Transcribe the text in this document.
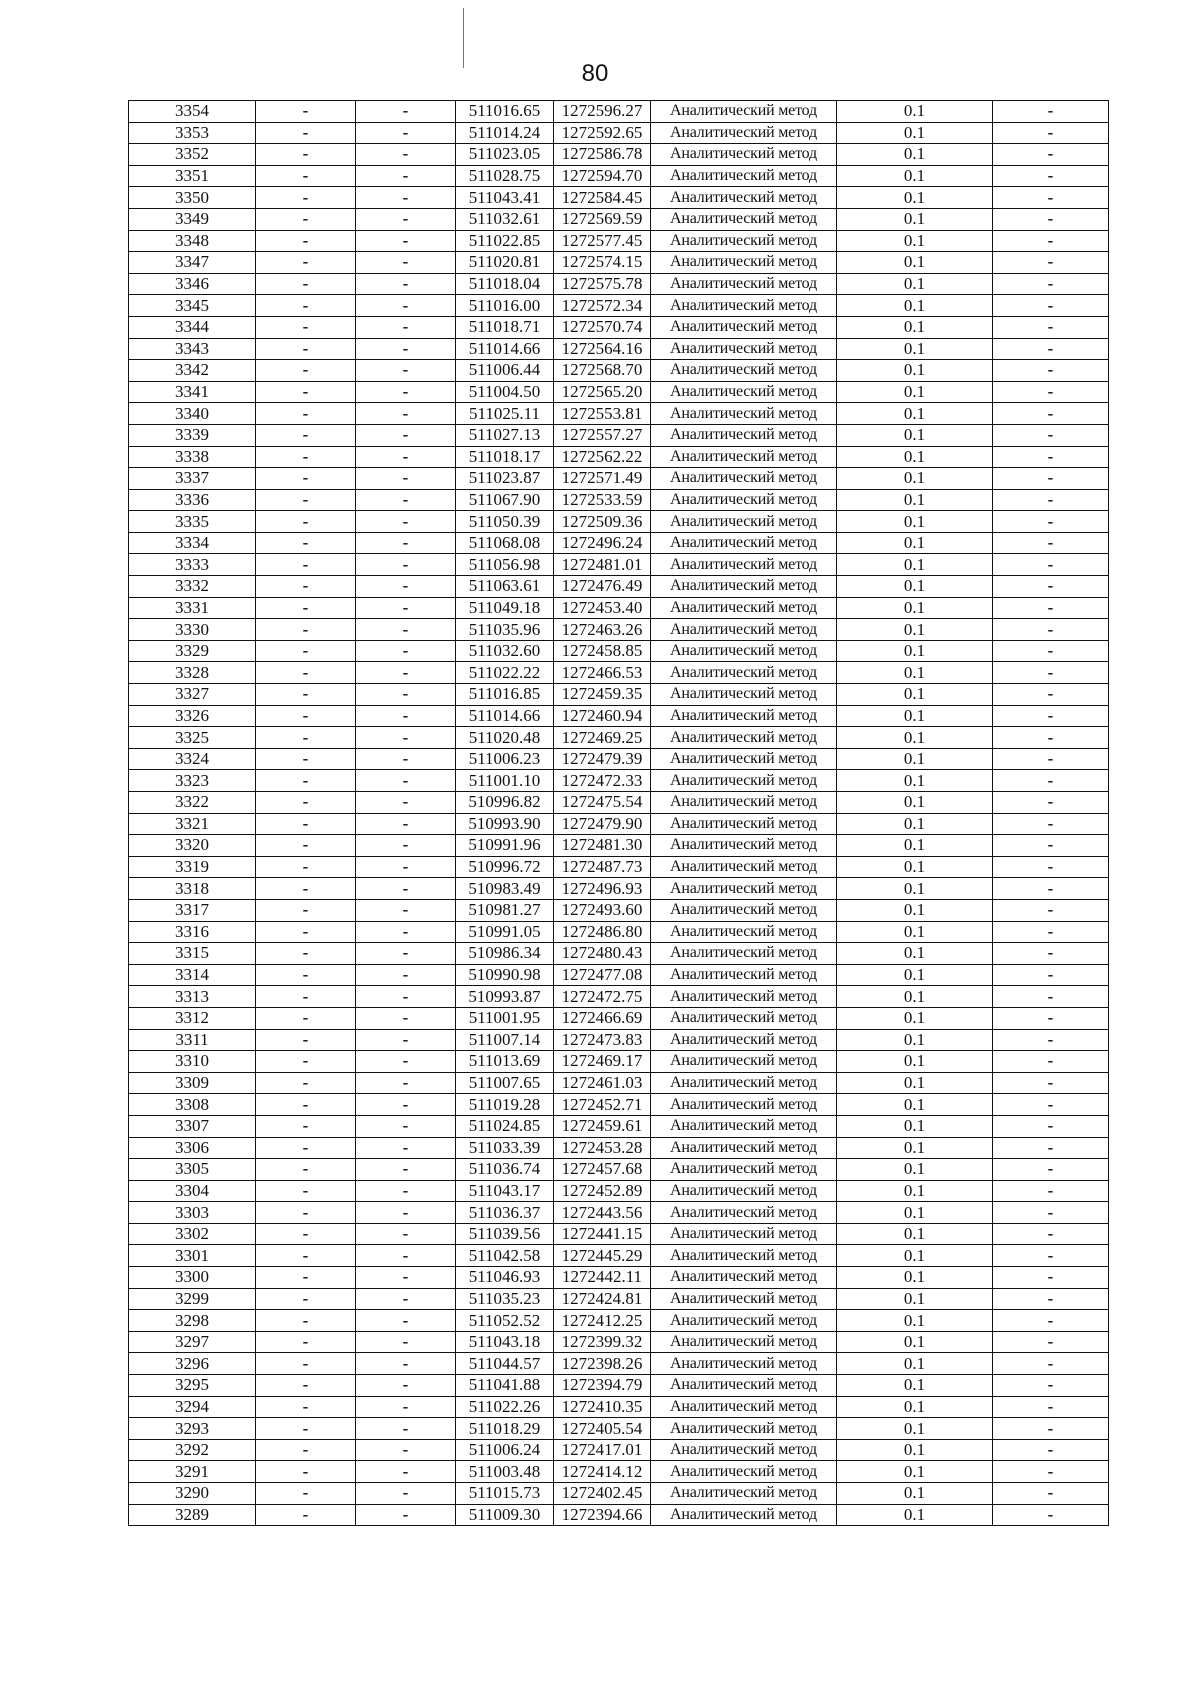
80
3354	-	-	511016.65	1272596.27	Аналитический метод	0.1	-
3353	-	-	511014.24	1272592.65	Аналитический метод	0.1	-
3352	-	-	511023.05	1272586.78	Аналитический метод	0.1	-
3351	-	-	511028.75	1272594.70	Аналитический метод	0.1	-
3350	-	-	511043.41	1272584.45	Аналитический метод	0.1	-
3349	-	-	511032.61	1272569.59	Аналитический метод	0.1	-
3348	-	-	511022.85	1272577.45	Аналитический метод	0.1	-
3347	-	-	511020.81	1272574.15	Аналитический метод	0.1	-
3346	-	-	511018.04	1272575.78	Аналитический метод	0.1	-
3345	-	-	511016.00	1272572.34	Аналитический метод	0.1	-
3344	-	-	511018.71	1272570.74	Аналитический метод	0.1	-
3343	-	-	511014.66	1272564.16	Аналитический метод	0.1	-
3342	-	-	511006.44	1272568.70	Аналитический метод	0.1	-
3341	-	-	511004.50	1272565.20	Аналитический метод	0.1	-
3340	-	-	511025.11	1272553.81	Аналитический метод	0.1	-
3339	-	-	511027.13	1272557.27	Аналитический метод	0.1	-
3338	-	-	511018.17	1272562.22	Аналитический метод	0.1	-
3337	-	-	511023.87	1272571.49	Аналитический метод	0.1	-
3336	-	-	511067.90	1272533.59	Аналитический метод	0.1	-
3335	-	-	511050.39	1272509.36	Аналитический метод	0.1	-
3334	-	-	511068.08	1272496.24	Аналитический метод	0.1	-
3333	-	-	511056.98	1272481.01	Аналитический метод	0.1	-
3332	-	-	511063.61	1272476.49	Аналитический метод	0.1	-
3331	-	-	511049.18	1272453.40	Аналитический метод	0.1	-
3330	-	-	511035.96	1272463.26	Аналитический метод	0.1	-
3329	-	-	511032.60	1272458.85	Аналитический метод	0.1	-
3328	-	-	511022.22	1272466.53	Аналитический метод	0.1	-
3327	-	-	511016.85	1272459.35	Аналитический метод	0.1	-
3326	-	-	511014.66	1272460.94	Аналитический метод	0.1	-
3325	-	-	511020.48	1272469.25	Аналитический метод	0.1	-
3324	-	-	511006.23	1272479.39	Аналитический метод	0.1	-
3323	-	-	511001.10	1272472.33	Аналитический метод	0.1	-
3322	-	-	510996.82	1272475.54	Аналитический метод	0.1	-
3321	-	-	510993.90	1272479.90	Аналитический метод	0.1	-
3320	-	-	510991.96	1272481.30	Аналитический метод	0.1	-
3319	-	-	510996.72	1272487.73	Аналитический метод	0.1	-
3318	-	-	510983.49	1272496.93	Аналитический метод	0.1	-
3317	-	-	510981.27	1272493.60	Аналитический метод	0.1	-
3316	-	-	510991.05	1272486.80	Аналитический метод	0.1	-
3315	-	-	510986.34	1272480.43	Аналитический метод	0.1	-
3314	-	-	510990.98	1272477.08	Аналитический метод	0.1	-
3313	-	-	510993.87	1272472.75	Аналитический метод	0.1	-
3312	-	-	511001.95	1272466.69	Аналитический метод	0.1	-
3311	-	-	511007.14	1272473.83	Аналитический метод	0.1	-
3310	-	-	511013.69	1272469.17	Аналитический метод	0.1	-
3309	-	-	511007.65	1272461.03	Аналитический метод	0.1	-
3308	-	-	511019.28	1272452.71	Аналитический метод	0.1	-
3307	-	-	511024.85	1272459.61	Аналитический метод	0.1	-
3306	-	-	511033.39	1272453.28	Аналитический метод	0.1	-
3305	-	-	511036.74	1272457.68	Аналитический метод	0.1	-
3304	-	-	511043.17	1272452.89	Аналитический метод	0.1	-
3303	-	-	511036.37	1272443.56	Аналитический метод	0.1	-
3302	-	-	511039.56	1272441.15	Аналитический метод	0.1	-
3301	-	-	511042.58	1272445.29	Аналитический метод	0.1	-
3300	-	-	511046.93	1272442.11	Аналитический метод	0.1	-
3299	-	-	511035.23	1272424.81	Аналитический метод	0.1	-
3298	-	-	511052.52	1272412.25	Аналитический метод	0.1	-
3297	-	-	511043.18	1272399.32	Аналитический метод	0.1	-
3296	-	-	511044.57	1272398.26	Аналитический метод	0.1	-
3295	-	-	511041.88	1272394.79	Аналитический метод	0.1	-
3294	-	-	511022.26	1272410.35	Аналитический метод	0.1	-
3293	-	-	511018.29	1272405.54	Аналитический метод	0.1	-
3292	-	-	511006.24	1272417.01	Аналитический метод	0.1	-
3291	-	-	511003.48	1272414.12	Аналитический метод	0.1	-
3290	-	-	511015.73	1272402.45	Аналитический метод	0.1	-
3289	-	-	511009.30	1272394.66	Аналитический метод	0.1	-
